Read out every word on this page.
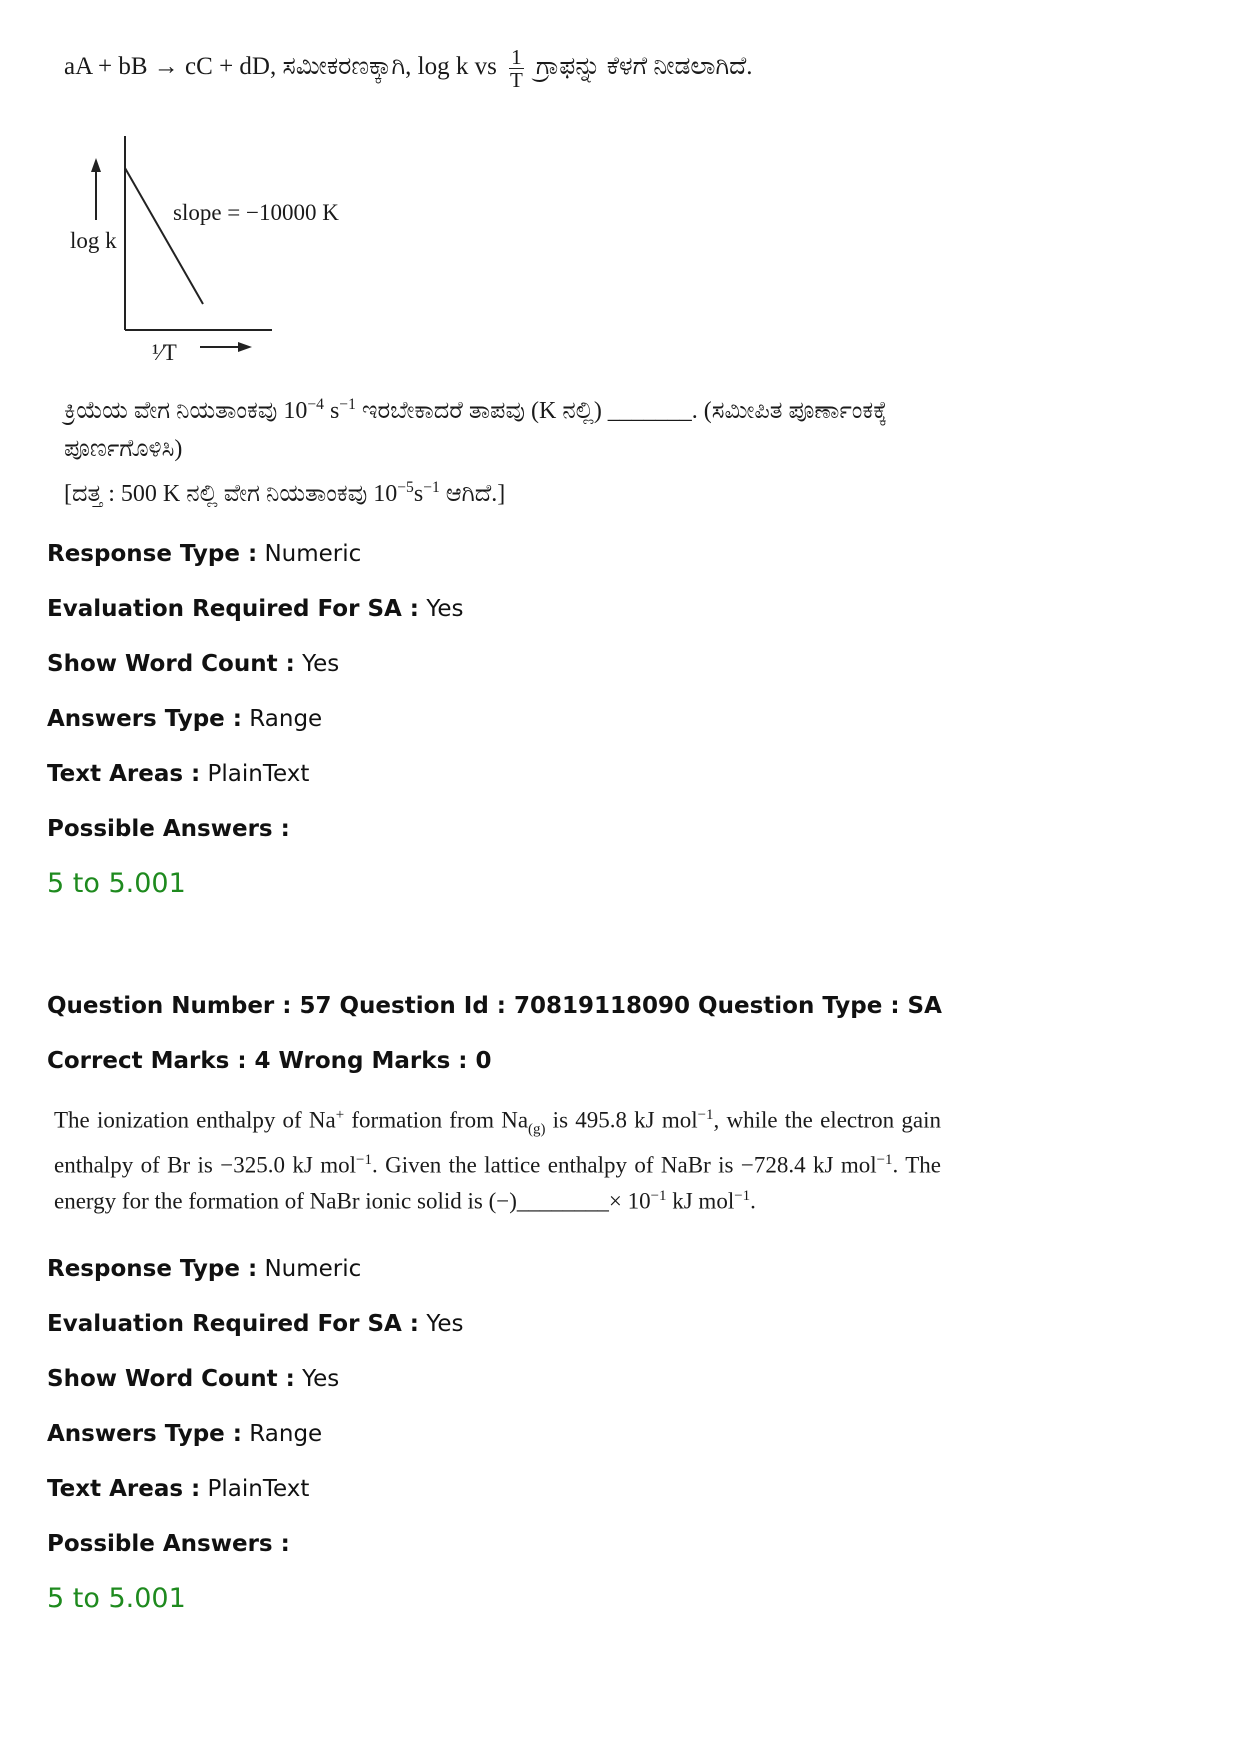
aA + bB → cC + dD, ಸಮೀಕರಣಕ್ಕಾಗಿ, log k vs $\frac{1}{T}$ ಗ್ರಾಫನ್ನು ಕೆಳಗೆ ನೀಡಲಾಗಿದೆ.
log k
slope = −10000 K
¹⁄T
ಕ್ರಿಯೆಯ ವೇಗ ನಿಯತಾಂಕವು $10^{-4}$ $s^{-1}$ ಇರಬೇಕಾದರೆ ತಾಪವು (K ನಲ್ಲಿ) _______. (ಸಮೀಪಿತ ಪೂರ್ಣಾಂಕಕ್ಕೆ ಪೂರ್ಣಗೊಳಿಸಿ)
[ದತ್ತ : 500 K ನಲ್ಲಿ ವೇಗ ನಿಯತಾಂಕವು $10^{-5}s^{-1}$ ಆಗಿದೆ.]
Response Type : Numeric
Evaluation Required For SA : Yes
Show Word Count : Yes
Answers Type : Range
Text Areas : PlainText
Possible Answers :
5 to 5.001
Question Number : 57 Question Id : 70819118090 Question Type : SA
Correct Marks : 4 Wrong Marks : 0
The ionization enthalpy of Na+ formation from $Na_{(g)}$ is 495.8 kJ mol$^{-1}$, while the electron gain enthalpy of Br is −325.0 kJ mol$^{-1}$. Given the lattice enthalpy of NaBr is −728.4 kJ mol$^{-1}$. The energy for the formation of NaBr ionic solid is (−)________× $10^{-1}$ kJ mol$^{-1}$.
Response Type : Numeric
Evaluation Required For SA : Yes
Show Word Count : Yes
Answers Type : Range
Text Areas : PlainText
Possible Answers :
5 to 5.001
